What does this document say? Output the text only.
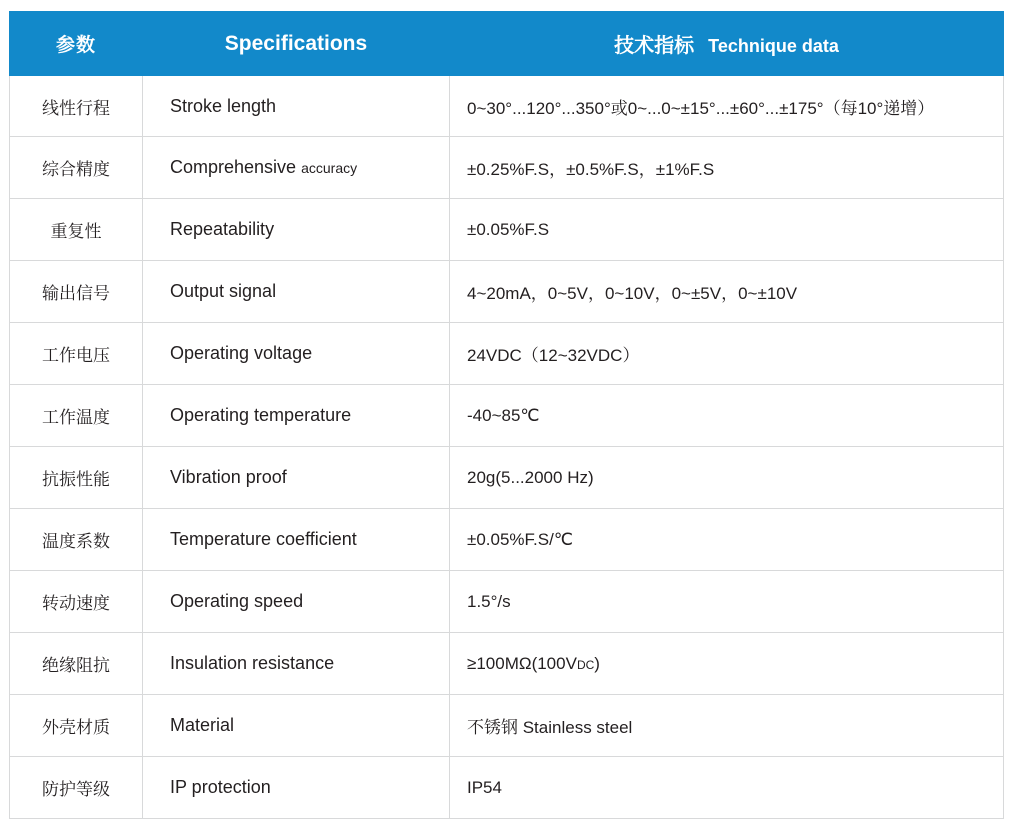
参数	Specifications	技术指标 Technique data
线性行程	Stroke length	0~30°...120°...350°或0~...0~±15°...±60°...±175°（每10°递增）
综合精度	Comprehensive accuracy	±0.25%F.S，±0.5%F.S，±1%F.S
重复性	Repeatability	±0.05%F.S
输出信号	Output signal	4~20mA，0~5V，0~10V，0~±5V，0~±10V
工作电压	Operating voltage	24VDC（12~32VDC）
工作温度	Operating temperature	-40~85℃
抗振性能	Vibration proof	20g(5...2000 Hz)
温度系数	Temperature coefficient	±0.05%F.S/℃
转动速度	Operating speed	1.5°/s
绝缘阻抗	Insulation resistance	≥100MΩ(100VDC)
外壳材质	Material	不锈钢 Stainless steel
防护等级	IP protection	IP54
